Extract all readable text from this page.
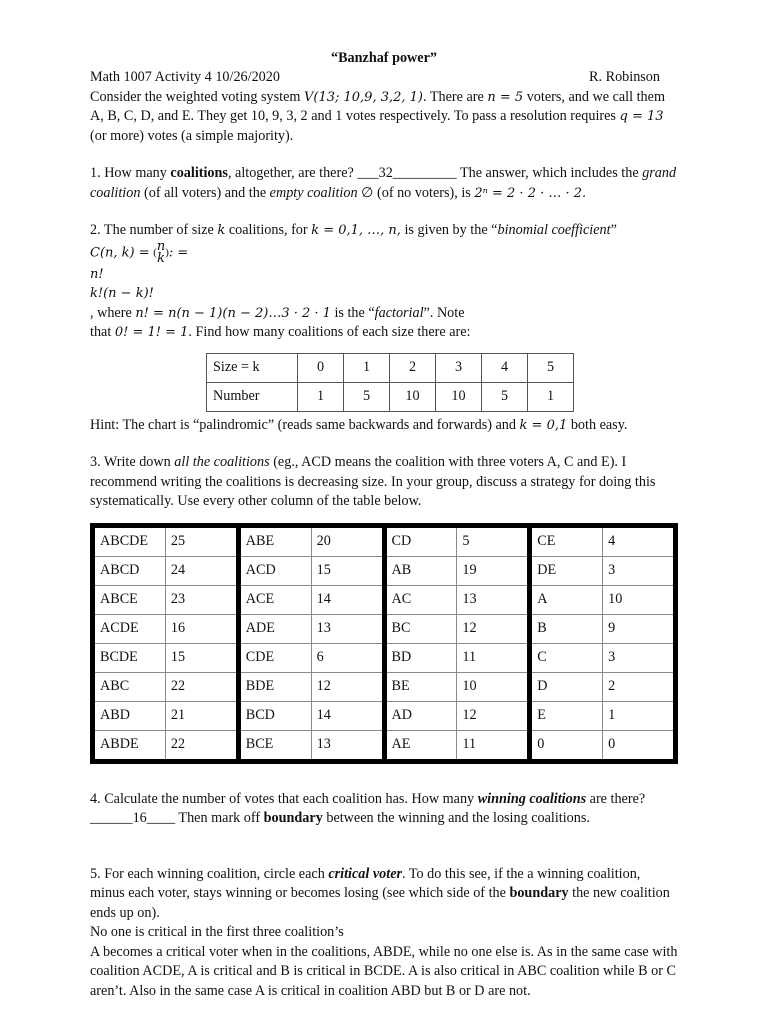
“Banzhaf power”
Math 1007 Activity 4 10/26/2020	R. Robinson

Consider the weighted voting system V(13; 10,9, 3,2, 1). There are n = 5 voters, and we call them A, B, C, D, and E. They get 10, 9, 3, 2 and 1 votes respectively. To pass a resolution requires q = 13 (or more) votes (a simple majority).

1. How many coalitions, altogether, are there? ___32_________ The answer, which includes the grand coalition (of all voters) and the empty coalition ∅ (of no voters), is 2ⁿ = 2 · 2 · … · 2.

2. The number of size k coalitions, for k = 0,1, …, n, is given by the “binomial coefficient”
C(n, k) = (n
k): =

n!
k!(n − k)!
, where n! = n(n − 1)(n − 2)…3 · 2 · 1 is the “factorial”. Note
that 0! = 1! = 1. Find how many coalitions of each size there are:

Size = k	0	1	2	3	4	5
Number	1	5	10	10	5	1

Hint: The chart is “palindromic” (reads same backwards and forwards) and k = 0,1 both easy.

3. Write down all the coalitions (eg., ACD means the coalition with three voters A, C and E). I recommend writing the coalitions is decreasing size. In your group, discuss a strategy for doing this systematically. Use every other column of the table below.

ABCDE	25	ABE	20	CD	5	CE	4
ABCD	24	ACD	15	AB	19	DE	3
ABCE	23	ACE	14	AC	13	A	10
ACDE	16	ADE	13	BC	12	B	9
BCDE	15	CDE	6	BD	11	C	3
ABC	22	BDE	12	BE	10	D	2
ABD	21	BCD	14	AD	12	E	1
ABDE	22	BCE	13	AE	11	0	0

4. Calculate the number of votes that each coalition has. How many winning coalitions are there?______16____ Then mark off boundary between the winning and the losing coalitions.

5. For each winning coalition, circle each critical voter. To do this see, if the a winning coalition, minus each voter, stays winning or becomes losing (see which side of the boundary the new coalition ends up on).

No one is critical in the first three coalition’s

A becomes a critical voter when in the coalitions, ABDE, while no one else is. As in the same case with coalition ACDE, A is critical and B is critical in BCDE. A is also critical in ABC coalition while B or C aren’t. Also in the same case A is critical in coalition ABD but B or D are not.
